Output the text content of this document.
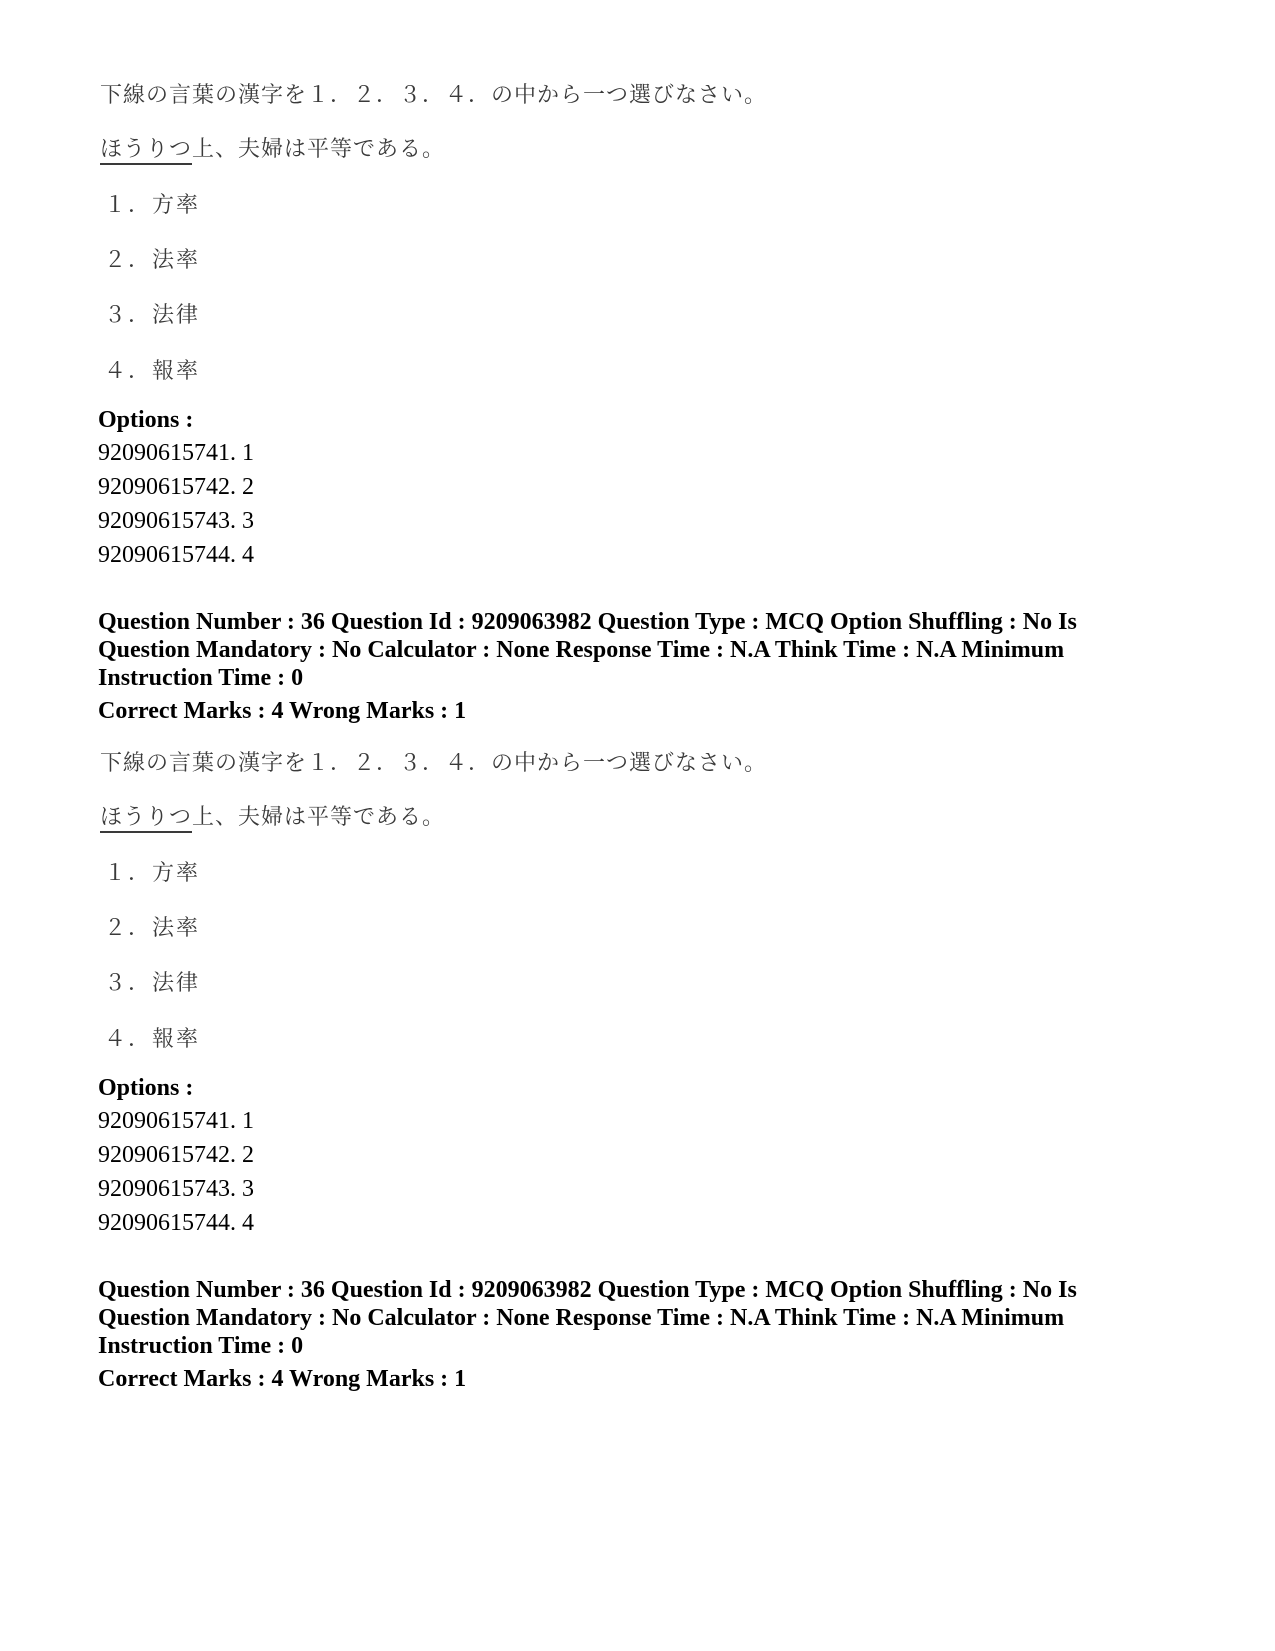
下線の言葉の漢字を１．２．３．４．の中から一つ選びなさい。
ほうりつ上、夫婦は平等である。
１．方率
２．法率
３．法律
４．報率
Options :
92090615741. 1
92090615742. 2
92090615743. 3
92090615744. 4
Question Number : 36 Question Id : 9209063982 Question Type : MCQ Option Shuffling : No Is
Question Mandatory : No Calculator : None Response Time : N.A Think Time : N.A Minimum
Instruction Time : 0
Correct Marks : 4 Wrong Marks : 1
下線の言葉の漢字を１．２．３．４．の中から一つ選びなさい。
ほうりつ上、夫婦は平等である。
１．方率
２．法率
３．法律
４．報率
Options :
92090615741. 1
92090615742. 2
92090615743. 3
92090615744. 4
Question Number : 36 Question Id : 9209063982 Question Type : MCQ Option Shuffling : No Is
Question Mandatory : No Calculator : None Response Time : N.A Think Time : N.A Minimum
Instruction Time : 0
Correct Marks : 4 Wrong Marks : 1
